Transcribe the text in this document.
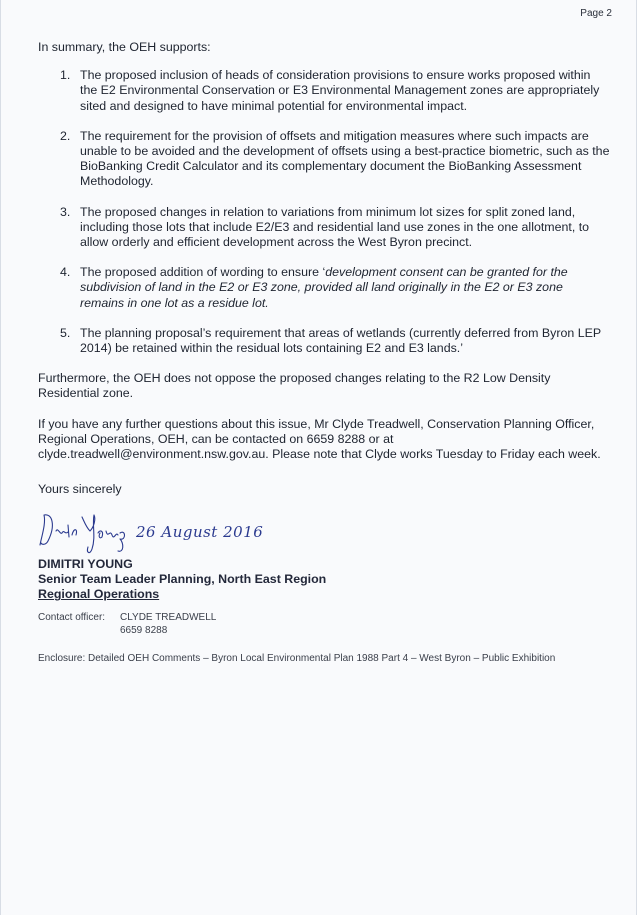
Page 2

In summary, the OEH supports:

1. The proposed inclusion of heads of consideration provisions to ensure works proposed within the E2 Environmental Conservation or E3 Environmental Management zones are appropriately sited and designed to have minimal potential for environmental impact.
2. The requirement for the provision of offsets and mitigation measures where such impacts are unable to be avoided and the development of offsets using a best-practice biometric, such as the BioBanking Credit Calculator and its complementary document the BioBanking Assessment Methodology.
3. The proposed changes in relation to variations from minimum lot sizes for split zoned land, including those lots that include E2/E3 and residential land use zones in the one allotment, to allow orderly and efficient development across the West Byron precinct.
4. The proposed addition of wording to ensure ‘development consent can be granted for the subdivision of land in the E2 or E3 zone, provided all land originally in the E2 or E3 zone remains in one lot as a residue lot.
5. The planning proposal’s requirement that areas of wetlands (currently deferred from Byron LEP 2014) be retained within the residual lots containing E2 and E3 lands.’

Furthermore, the OEH does not oppose the proposed changes relating to the R2 Low Density Residential zone.

If you have any further questions about this issue, Mr Clyde Treadwell, Conservation Planning Officer, Regional Operations, OEH, can be contacted on 6659 8288 or at clyde.treadwell@environment.nsw.gov.au. Please note that Clyde works Tuesday to Friday each week.

Yours sincerely
26 August 2016
DIMITRI YOUNG
Senior Team Leader Planning, North East Region
Regional Operations
Contact officer:	CLYDE TREADWELL
6659 8288
Enclosure: Detailed OEH Comments – Byron Local Environmental Plan 1988 Part 4 – West Byron – Public Exhibition
